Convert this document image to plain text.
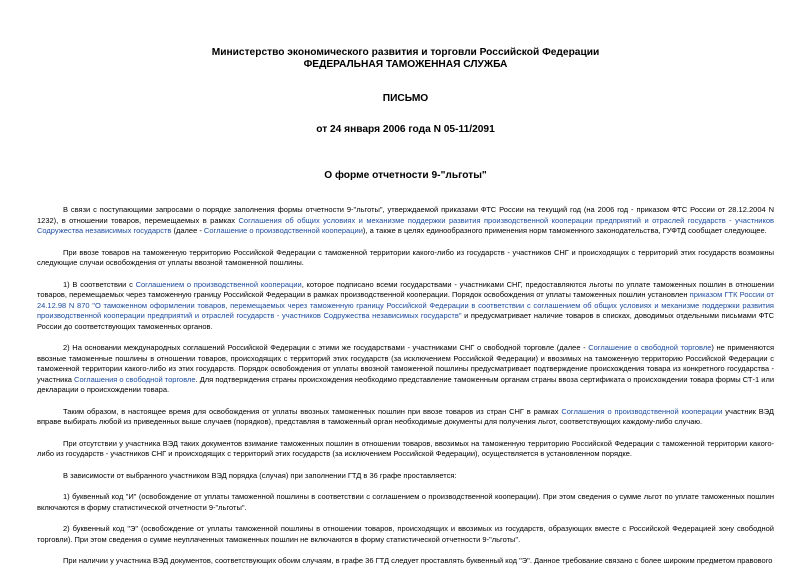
Министерство экономического развития и торговли Российской Федерации
ФЕДЕРАЛЬНАЯ ТАМОЖЕННАЯ СЛУЖБА
ПИСЬМО
от 24 января 2006 года N 05-11/2091
О форме отчетности 9-"льготы"

В связи с поступающими запросами о порядке заполнения формы отчетности 9-"льготы", утверждаемой приказами ФТС России на текущий год (на 2006 год - приказом ФТС России от 28.12.2004 N 1232), в отношении товаров, перемещаемых в рамках Соглашения об общих условиях и механизме поддержки развития производственной кооперации предприятий и отраслей государств - участников Содружества независимых государств (далее - Соглашение о производственной кооперации), а также в целях единообразного применения норм таможенного законодательства, ГУФТД сообщает следующее.

При ввозе товаров на таможенную территорию Российской Федерации с таможенной территории какого-либо из государств - участников СНГ и происходящих с территорий этих государств возможны следующие случаи освобождения от уплаты ввозной таможенной пошлины.

1) В соответствии с Соглашением о производственной кооперации, которое подписано всеми государствами - участниками СНГ, предоставляются льготы по уплате таможенных пошлин в отношении товаров, перемещаемых через таможенную границу Российской Федерации в рамках производственной кооперации. Порядок освобождения от уплаты таможенных пошлин установлен приказом ГТК России от 24.12.98 N 870 "О таможенном оформлении товаров, перемещаемых через таможенную границу Российской Федерации в соответствии с соглашением об общих условиях и механизме поддержки развития производственной кооперации предприятий и отраслей государств - участников Содружества независимых государств" и предусматривает наличие товаров в списках, доводимых отдельными письмами ФТС России до соответствующих таможенных органов.

2) На основании международных соглашений Российской Федерации с этими же государствами - участниками СНГ о свободной торговле (далее - Соглашение о свободной торговле) не применяются ввозные таможенные пошлины в отношении товаров, происходящих с территорий этих государств (за исключением Российской Федерации) и ввозимых на таможенную территорию Российской Федерации с таможенной территории какого-либо из этих государств. Порядок освобождения от уплаты ввозной таможенной пошлины предусматривает подтверждение происхождения товара из конкретного государства - участника Соглашения о свободной торговле. Для подтверждения страны происхождения необходимо представление таможенным органам страны ввоза сертификата о происхождении товара формы СТ-1 или декларации о происхождении товара.

Таким образом, в настоящее время для освобождения от уплаты ввозных таможенных пошлин при ввозе товаров из стран СНГ в рамках Соглашения о производственной кооперации участник ВЭД вправе выбирать любой из приведенных выше случаев (порядков), представляя в таможенный орган необходимые документы для получения льгот, соответствующих каждому-либо случаю.

При отсутствии у участника ВЭД таких документов взимание таможенных пошлин в отношении товаров, ввозимых на таможенную территорию Российской Федерации с таможенной территории какого-либо из государств - участников СНГ и происходящих с территорий этих государств (за исключением Российской Федерации), осуществляется в установленном порядке.

В зависимости от выбранного участником ВЭД порядка (случая) при заполнении ГТД в 36 графе проставляется:

1) буквенный код "И" (освобождение от уплаты таможенной пошлины в соответствии с соглашением о производственной кооперации). При этом сведения о сумме льгот по уплате таможенных пошлин включаются в форму статистической отчетности 9-"льготы".

2) буквенный код "Э" (освобождение от уплаты таможенной пошлины в отношении товаров, происходящих и ввозимых из государств, образующих вместе с Российской Федерацией зону свободной торговли). При этом сведения о сумме неуплаченных таможенных пошлин не включаются в форму статистической отчетности 9-"льготы".

При наличии у участника ВЭД документов, соответствующих обоим случаям, в графе 36 ГТД следует проставлять буквенный код "Э". Данное требование связано с более широким предметом правового
